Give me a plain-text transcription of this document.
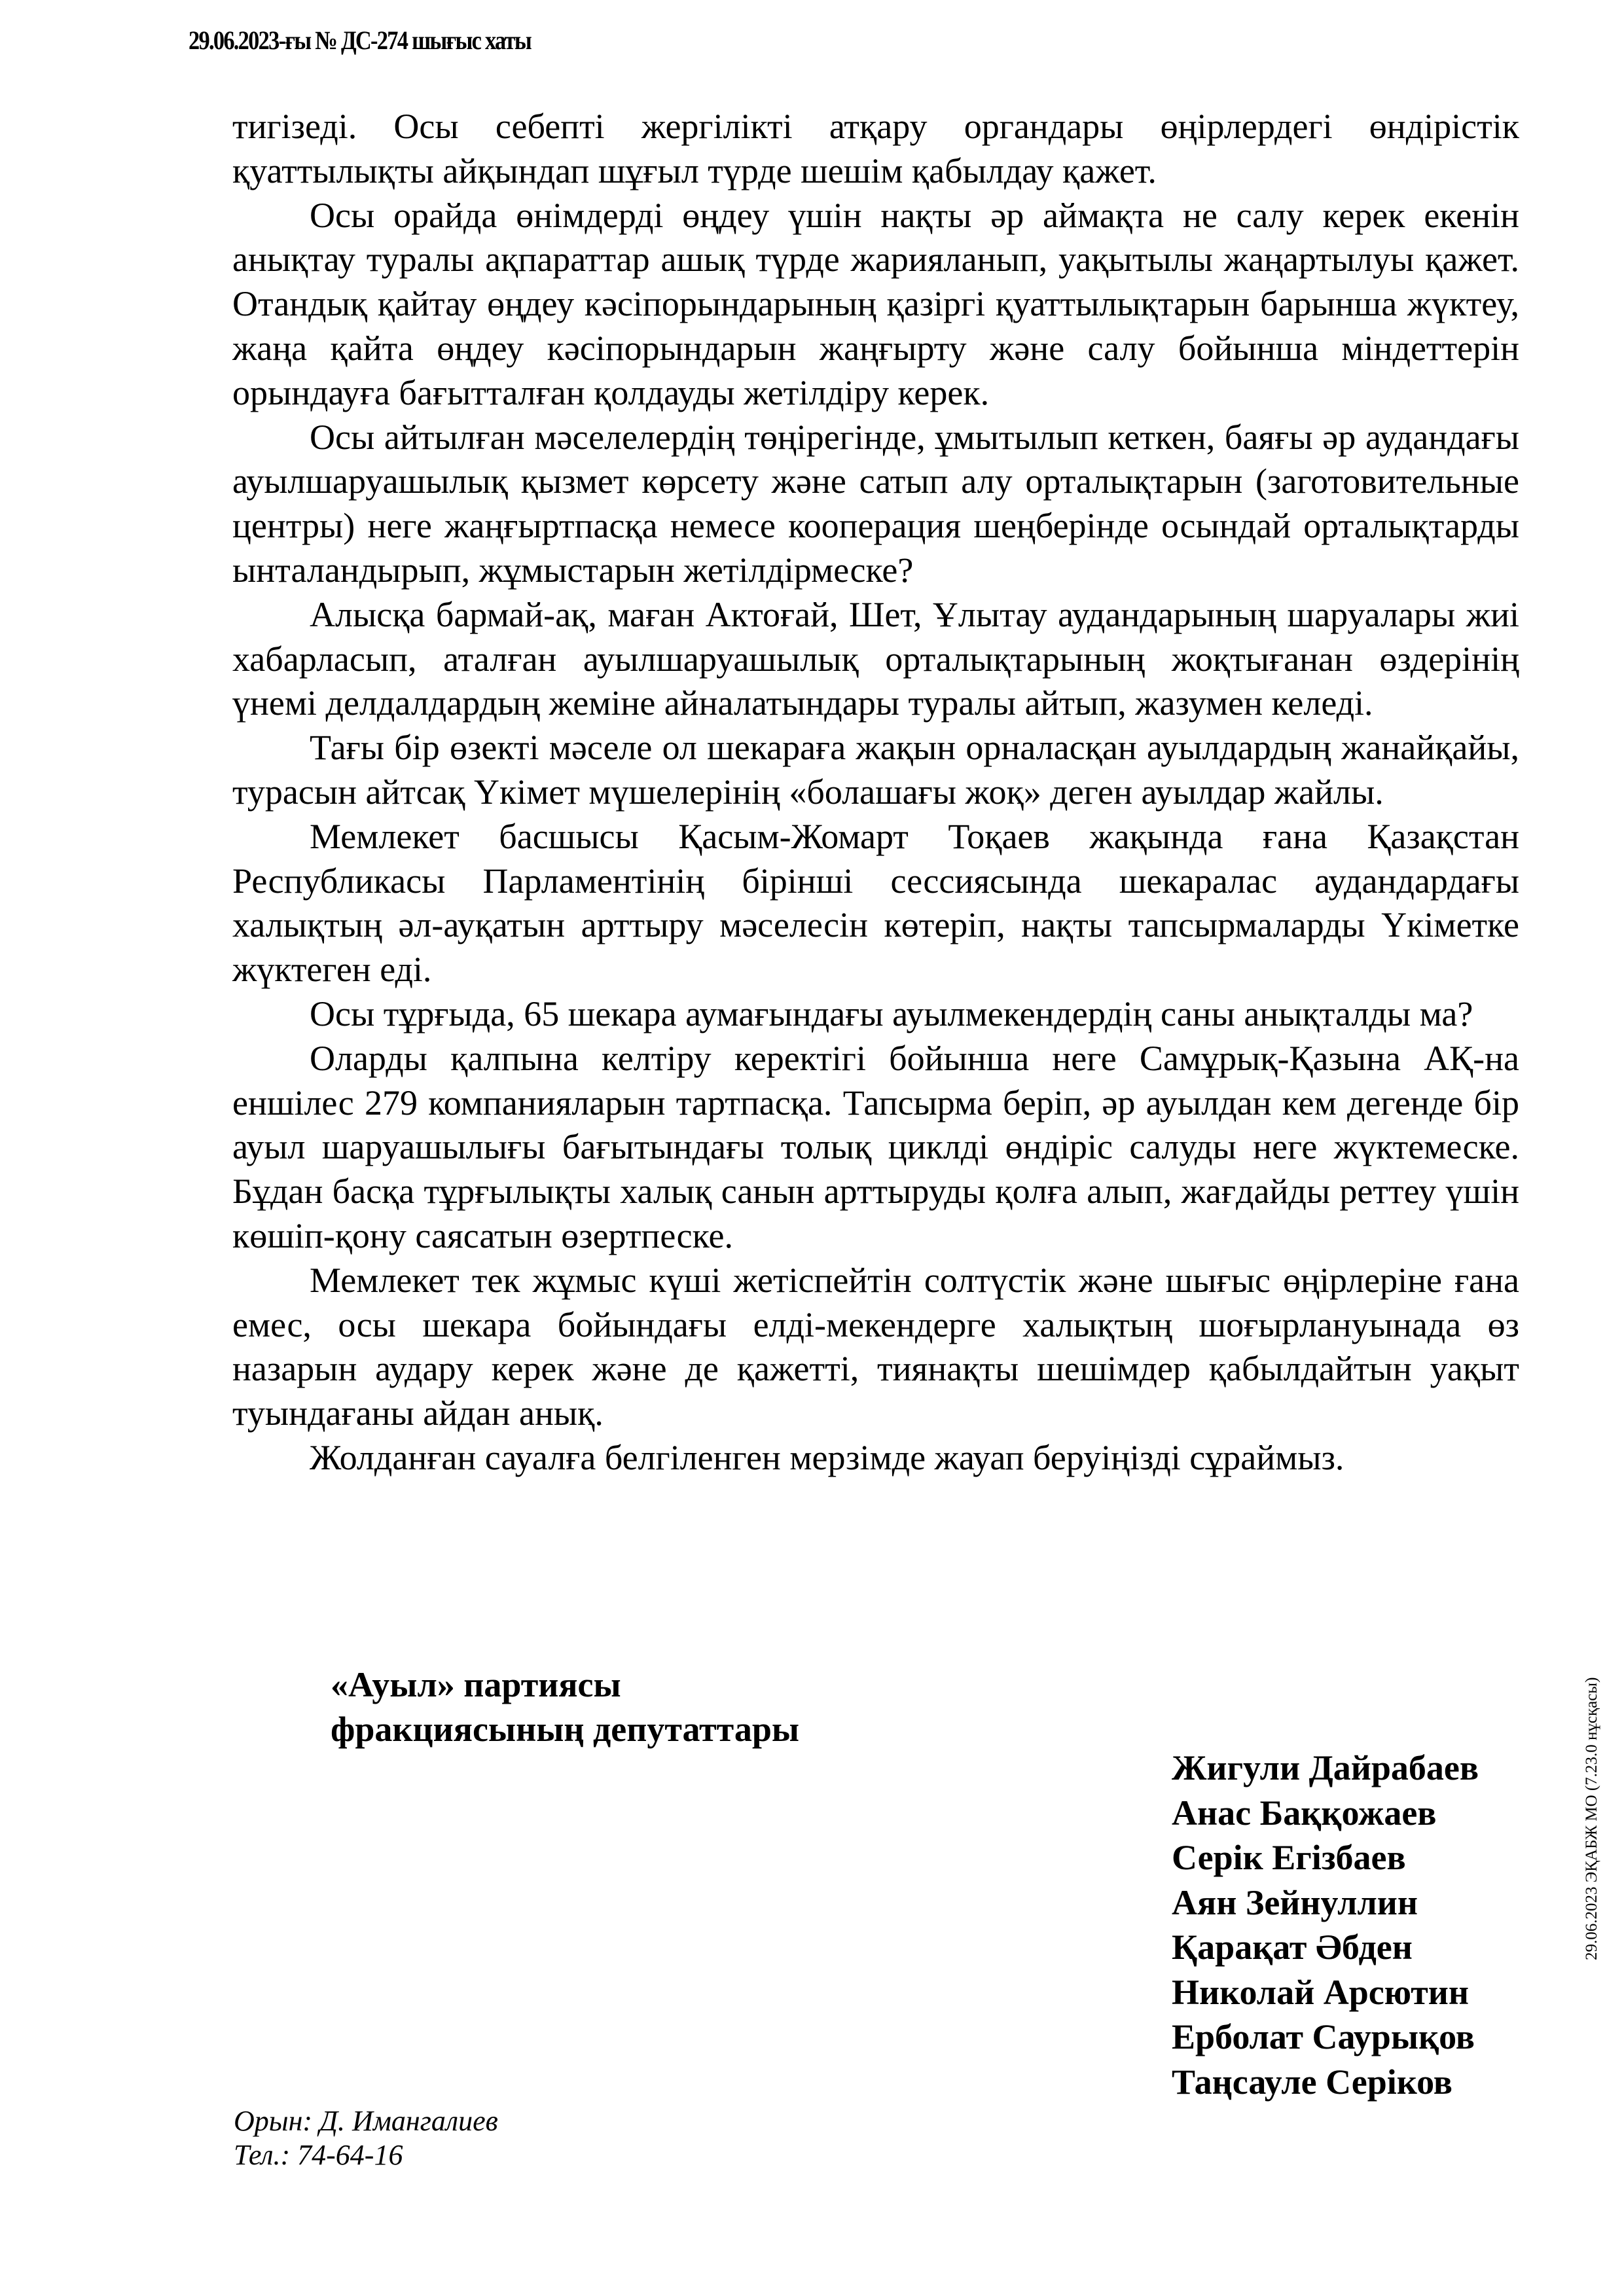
29.06.2023-ғы № ДС-274 шығыс хаты

тигізеді. Осы себепті жергілікті атқару органдары өңірлердегі өндірістік қуаттылықты айқындап шұғыл түрде шешім қабылдау қажет.

Осы орайда өнімдерді өңдеу үшін нақты әр аймақта не салу керек екенін анықтау туралы ақпараттар ашық түрде жарияланып, уақытылы жаңартылуы қажет. Отандық қайтау өңдеу кәсіпорындарының қазіргі қуаттылықтарын барынша жүктеу, жаңа қайта өңдеу кәсіпорындарын жаңғырту және салу бойынша міндеттерін орындауға бағытталған қолдауды жетілдіру керек.

Осы айтылған мәселелердің төңірегінде, ұмытылып кеткен, баяғы әр аудандағы ауылшаруашылық қызмет көрсету және сатып алу орталықтарын (заготовительные центры) неге жаңғыртпасқа немесе кооперация шеңберінде осындай орталықтарды ынталандырып, жұмыстарын жетілдірмеске?

Алысқа бармай-ақ, маған Актоғай, Шет, Ұлытау аудандарының шаруалары жиі хабарласып, аталған ауылшаруашылық орталықтарының жоқтығанан өздерінің үнемі делдалдардың жеміне айналатындары туралы айтып, жазумен келеді.

Тағы бір өзекті мәселе ол шекараға жақын орналасқан ауылдардың жанайқайы, турасын айтсақ Үкімет мүшелерінің «болашағы жоқ» деген ауылдар жайлы.

Мемлекет басшысы Қасым-Жомарт Тоқаев жақында ғана Қазақстан Республикасы Парламентінің бірінші сессиясында шекаралас аудандардағы халықтың әл-ауқатын арттыру мәселесін көтеріп, нақты тапсырмаларды Үкіметке жүктеген еді.

Осы тұрғыда, 65 шекара аумағындағы ауылмекендердің саны анықталды ма?

Оларды қалпына келтіру керектігі бойынша неге Самұрық-Қазына АҚ-на еншілес 279 компанияларын тартпасқа. Тапсырма беріп, әр ауылдан кем дегенде бір ауыл шаруашылығы бағытындағы толық циклді өндіріс салуды неге жүктемеске. Бұдан басқа тұрғылықты халық санын арттыруды қолға алып, жағдайды реттеу үшін көшіп-қону саясатын өзертпеске.

Мемлекет тек жұмыс күші жетіспейтін солтүстік және шығыс өңірлеріне ғана емес, осы шекара бойындағы елді-мекендерге халықтың шоғырлануынада өз назарын аудару керек және де қажетті, тиянақты шешімдер қабылдайтын уақыт туындағаны айдан анық.

Жолданған сауалға белгіленген мерзімде жауап беруіңізді сұраймыз.

«Ауыл» партиясы
фракциясының депутаттары
Жигули Дайрабаев
Анас Баққожаев
Серік Егізбаев
Аян Зейнуллин
Қарақат Әбден
Николай Арсютин
Ерболат Саурықов
Таңсауле Серіков
Орын: Д. Имангалиев
Тел.: 74-64-16
29.06.2023 ЭҚАБЖ МО (7.23.0 нұсқасы)
